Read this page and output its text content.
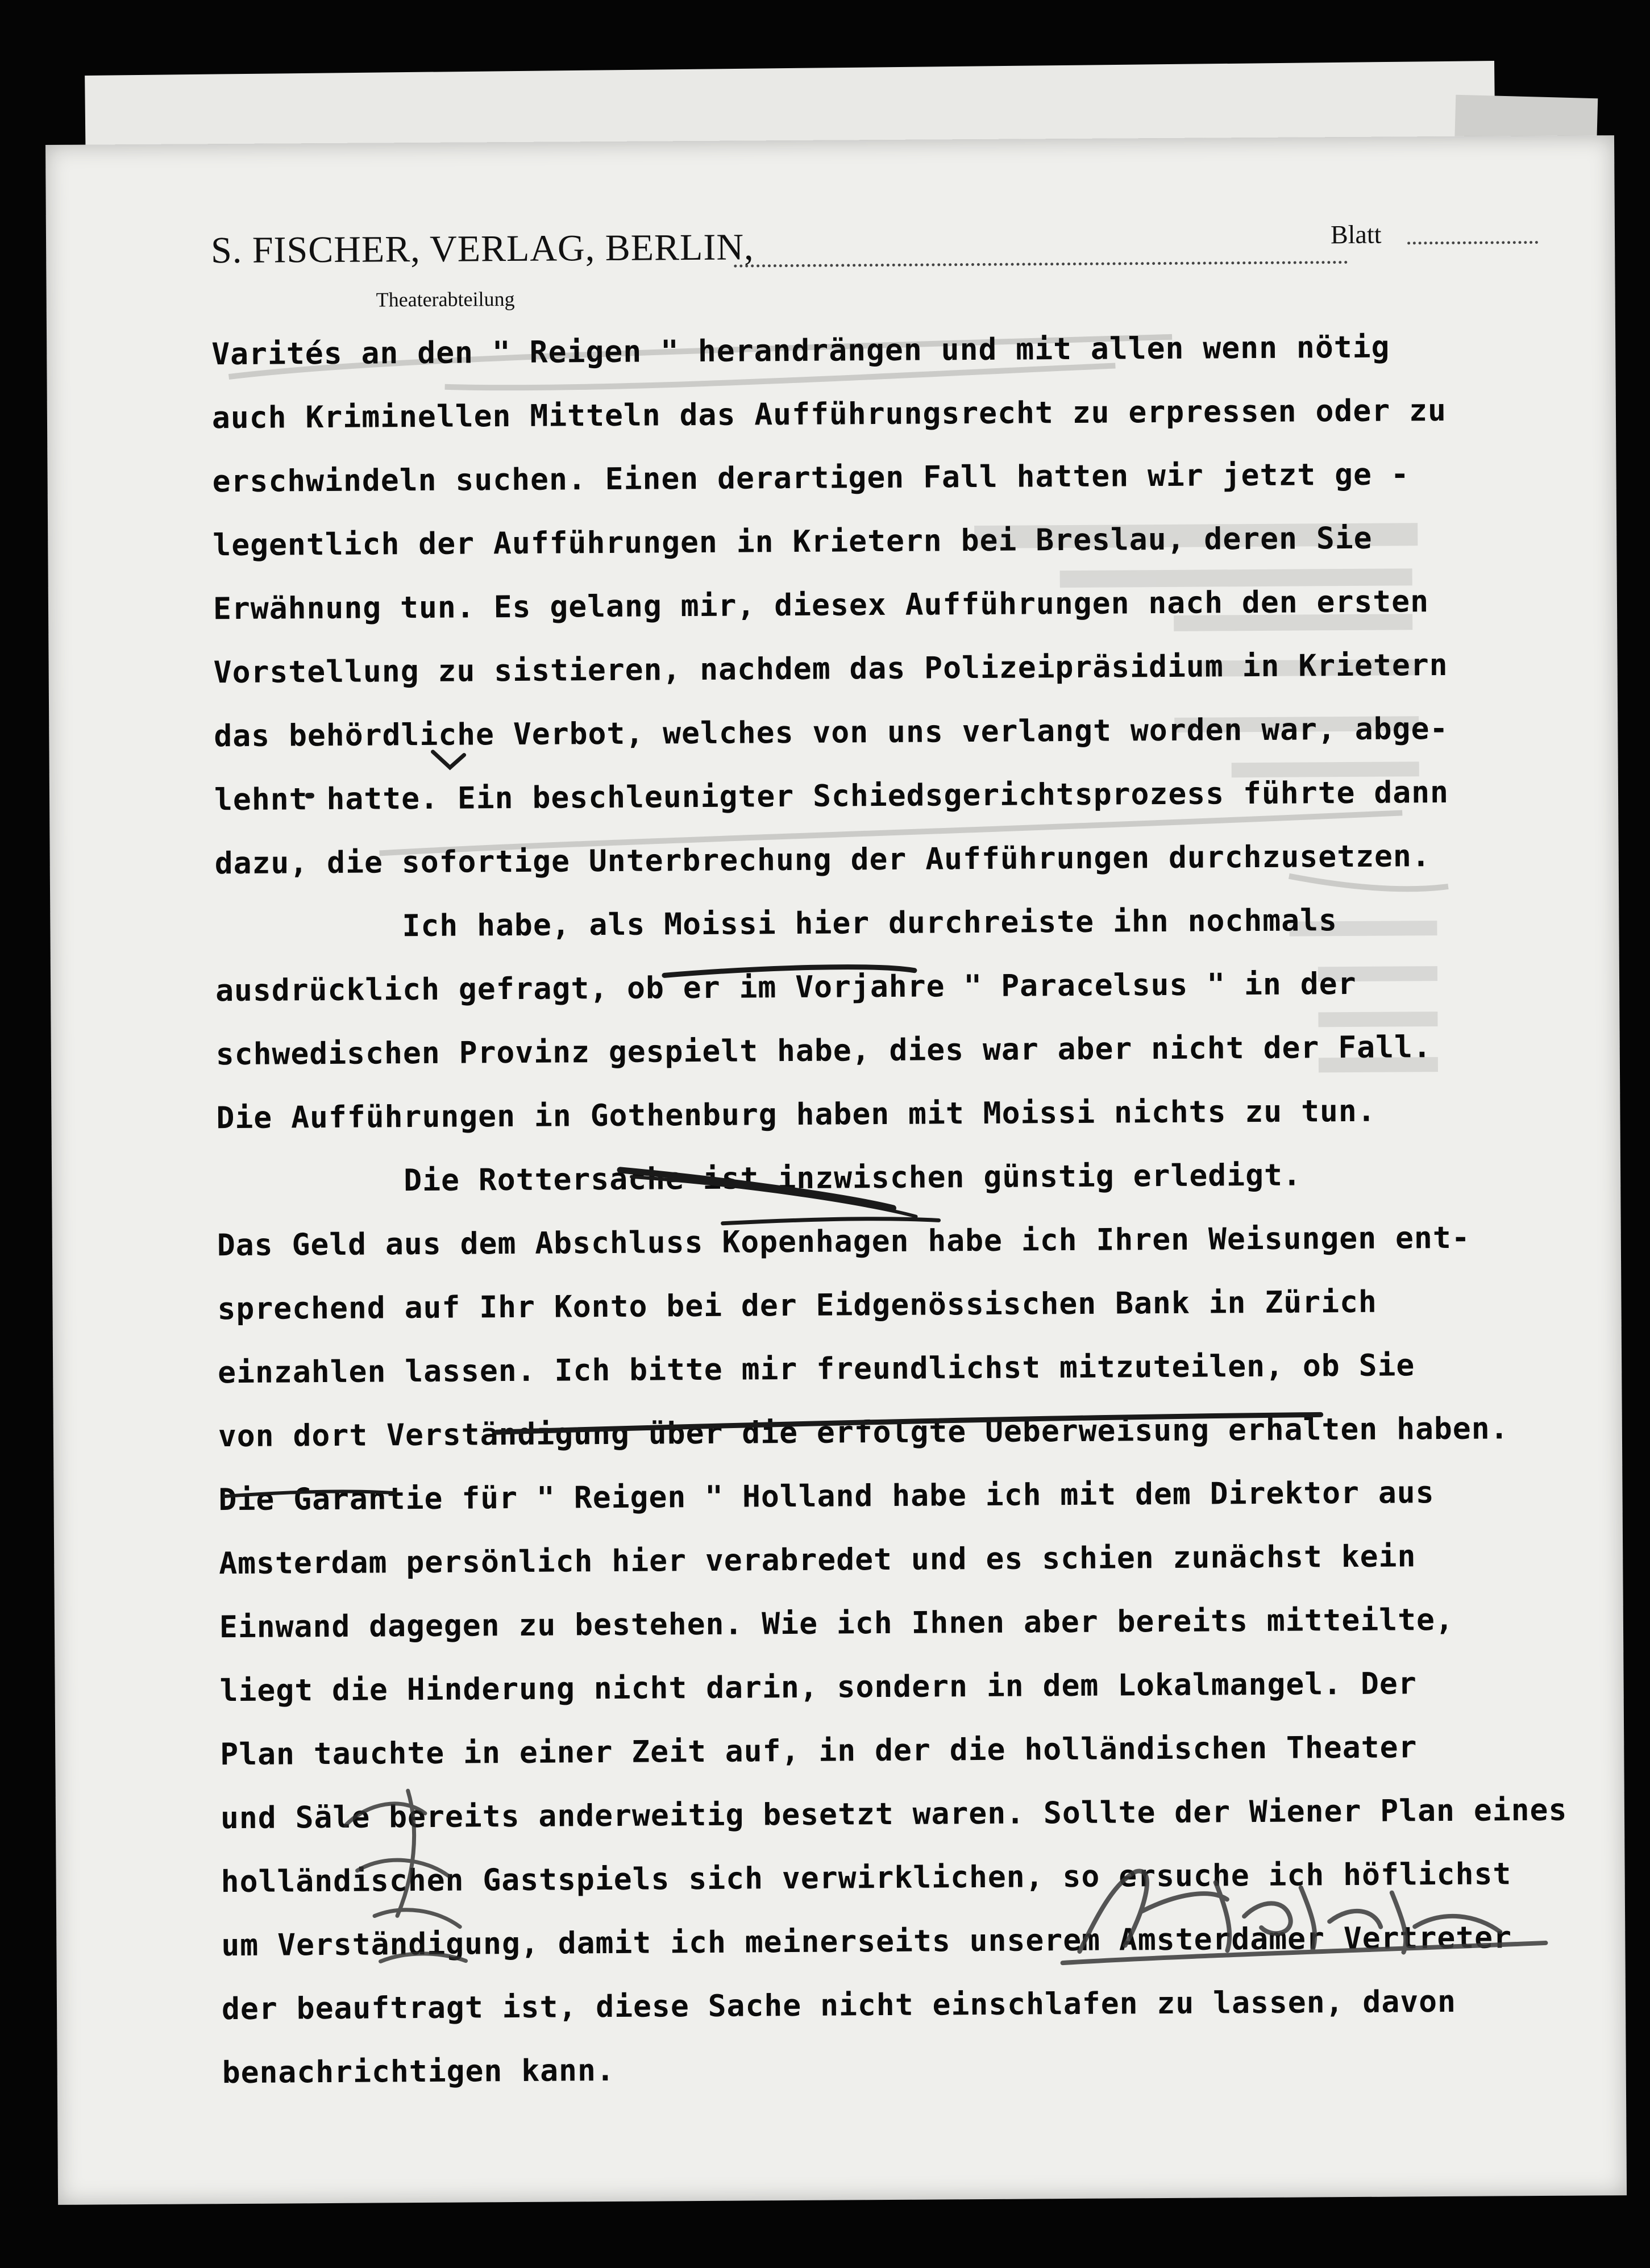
S. FISCHER, VERLAG, BERLIN,
Theaterabteilung
Blatt
Varités an den " Reigen " herandrängen und mit allen wenn nötig
auch Kriminellen Mitteln das Aufführungsrecht zu erpressen oder zu
erschwindeln suchen. Einen derartigen Fall hatten wir jetzt ge -
legentlich der Aufführungen in Krietern bei Breslau, deren Sie
Erwähnung tun. Es gelang mir, diesex Aufführungen nach den ersten
Vorstellung zu sistieren, nachdem das Polizeipräsidium in Krietern
das behördliche Verbot, welches von uns verlangt worden war, abge-
lehnt hatte. Ein beschleunigter Schiedsgerichtsprozess führte dann
dazu, die sofortige Unterbrechung der Aufführungen durchzusetzen.
Ich habe, als Moissi hier durchreiste ihn nochmals
ausdrücklich gefragt, ob er im Vorjahre " Paracelsus " in der
schwedischen Provinz gespielt habe, dies war aber nicht der Fall.
Die Aufführungen in Gothenburg haben mit Moissi nichts zu tun.
Die Rottersache ist inzwischen günstig erledigt.
Das Geld aus dem Abschluss Kopenhagen habe ich Ihren Weisungen ent-
sprechend auf Ihr Konto bei der Eidgenössischen Bank in Zürich
einzahlen lassen. Ich bitte mir freundlichst mitzuteilen, ob Sie
von dort Verständigung über die erfolgte Ueberweisung erhalten haben.
Die Garantie für " Reigen " Holland habe ich mit dem Direktor aus
Amsterdam persönlich hier verabredet und es schien zunächst kein
Einwand dagegen zu bestehen. Wie ich Ihnen aber bereits mitteilte,
liegt die Hinderung nicht darin, sondern in dem Lokalmangel. Der
Plan tauchte in einer Zeit auf, in der die holländischen Theater
und Säle bereits anderweitig besetzt waren. Sollte der Wiener Plan eines
holländischen Gastspiels sich verwirklichen, so ersuche ich höflichst
um Verständigung, damit ich meinerseits unserem Amsterdamer Vertreter
der beauftragt ist, diese Sache nicht einschlafen zu lassen, davon
benachrichtigen kann.
